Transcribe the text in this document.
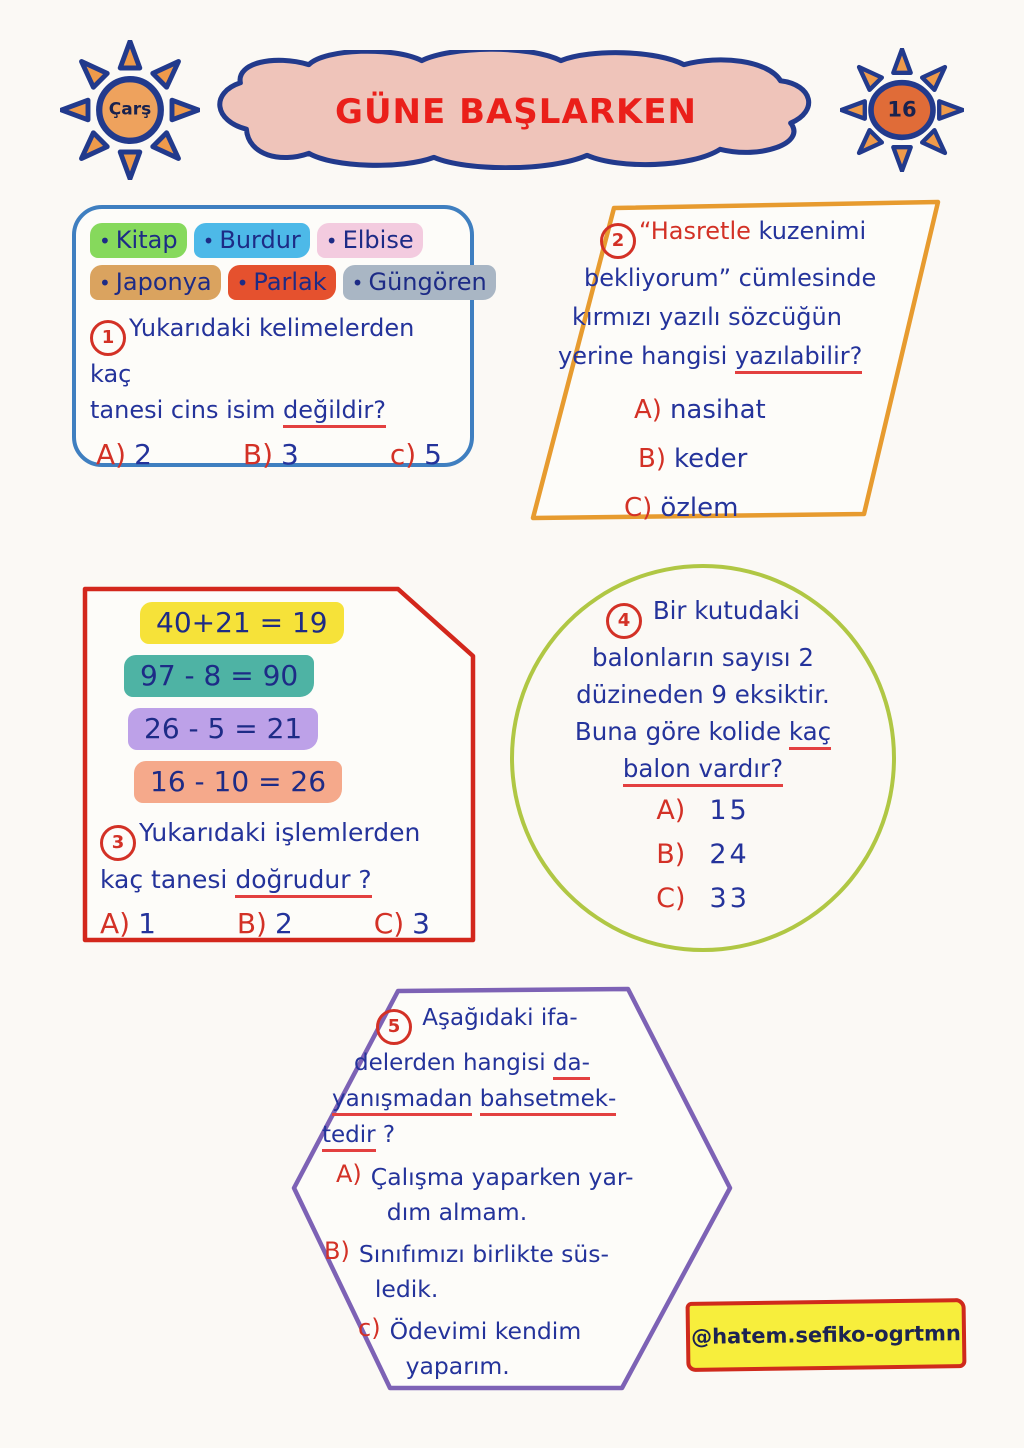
Çarş	GÜNE BAŞLARKEN	16
• Kitap • Burdur • Elbise
• Japonya • Parlak • Güngören
1 Yukarıdaki kelimelerden kaç
tanesi cins isim değildir?
A) 2	B) 3	c) 5
2 “Hasretle kuzenimi
bekliyorum” cümlesinde
kırmızı yazılı sözcüğün
yerine hangisi yazılabilir?
A) nasihat
B) keder
C) özlem
40+21 = 19
97 - 8 = 90
26 - 5 = 21
16 - 10 = 26
3 Yukarıdaki işlemlerden
kaç tanesi doğrudur ?
A) 1	B) 2	C) 3
4 Bir kutudaki
balonların sayısı 2
düzineden 9 eksiktir.
Buna göre kolide kaç
balon vardır?
A) 15
B) 24
C) 33
5 Aşağıdaki ifa-
delerden hangisi da-
yanışmadan bahsetmek-
tedir ?
A) Çalışma yaparken yar-
dım almam.
B) Sınıfımızı birlikte süs-
ledik.
c) Ödevimi kendim
yaparım.
@hatem.sefiko-ogrtmn
